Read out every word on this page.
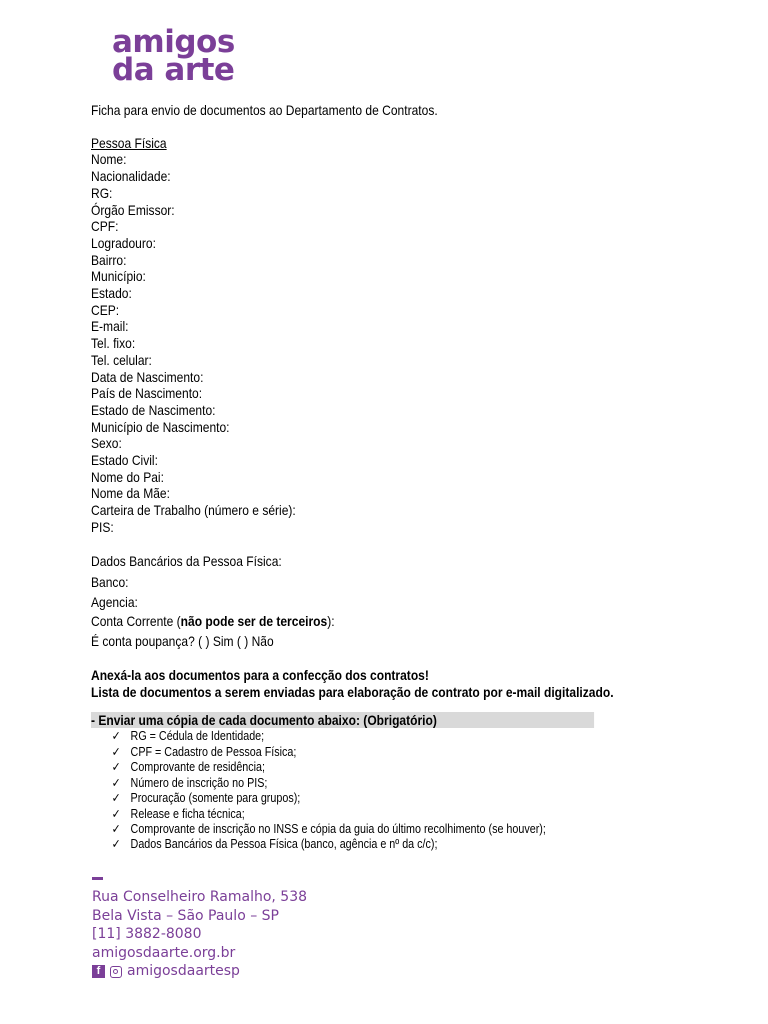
amigos
da arte
Ficha para envio de documentos ao Departamento de Contratos.
Pessoa Física
Nome:
Nacionalidade:
RG:
Órgão Emissor:
CPF:
Logradouro:
Bairro:
Município:
Estado:
CEP:
E-mail:
Tel. fixo:
Tel. celular:
Data de Nascimento:
País de Nascimento:
Estado de Nascimento:
Município de Nascimento:
Sexo:
Estado Civil:
Nome do Pai:
Nome da Mãe:
Carteira de Trabalho (número e série):
PIS:
Dados Bancários da Pessoa Física:
Banco:
Agencia:
Conta Corrente (não pode ser de terceiros):
É conta poupança? ( ) Sim ( ) Não
Anexá-la aos documentos para a confecção dos contratos!
Lista de documentos a serem enviadas para elaboração de contrato por e-mail digitalizado.
- Enviar uma cópia de cada documento abaixo: (Obrigatório)
✓ RG = Cédula de Identidade;
✓ CPF = Cadastro de Pessoa Física;
✓ Comprovante de residência;
✓ Número de inscrição no PIS;
✓ Procuração (somente para grupos);
✓ Release e ficha técnica;
✓ Comprovante de inscrição no INSS e cópia da guia do último recolhimento (se houver);
✓ Dados Bancários da Pessoa Física (banco, agência e nº da c/c);
Rua Conselheiro Ramalho, 538
Bela Vista – São Paulo – SP
[11] 3882-8080
amigosdaarte.org.br
f	amigosdaartesp
